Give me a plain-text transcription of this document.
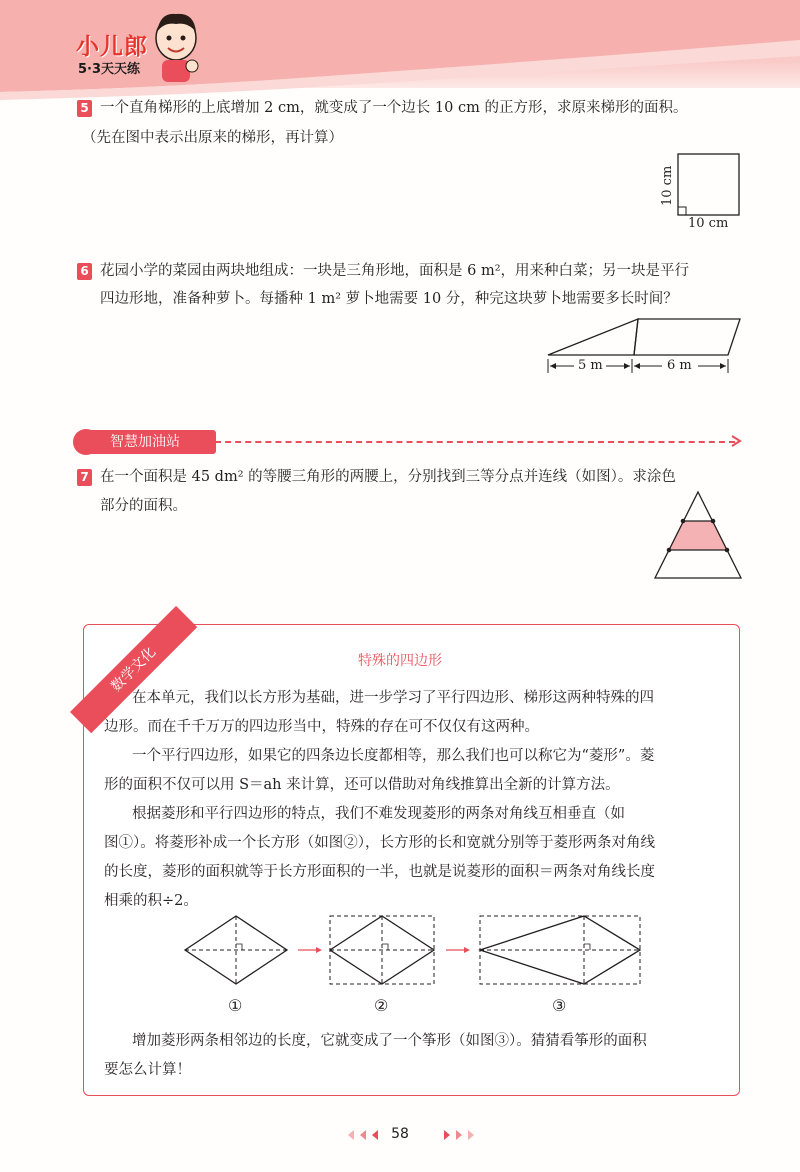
小儿郎
5·3天天练
5 一个直角梯形的上底增加 2 cm，就变成了一个边长 10 cm 的正方形，求原来梯形的面积。
（先在图中表示出原来的梯形，再计算）
10 cm
10 cm
6 花园小学的菜园由两块地组成：一块是三角形地，面积是 6 m²，用来种白菜；另一块是平行
四边形地，准备种萝卜。每播种 1 m² 萝卜地需要 10 分，种完这块萝卜地需要多长时间？
5 m	6 m
智慧加油站
7 在一个面积是 45 dm² 的等腰三角形的两腰上，分别找到三等分点并连线（如图）。求涂色
部分的面积。
数学文化	特殊的四边形
在本单元，我们以长方形为基础，进一步学习了平行四边形、梯形这两种特殊的四
边形。而在千千万万的四边形当中，特殊的存在可不仅仅有这两种。
一个平行四边形，如果它的四条边长度都相等，那么我们也可以称它为“菱形”。菱
形的面积不仅可以用 S＝ah 来计算，还可以借助对角线推算出全新的计算方法。
根据菱形和平行四边形的特点，我们不难发现菱形的两条对角线互相垂直（如
图①）。将菱形补成一个长方形（如图②），长方形的长和宽就分别等于菱形两条对角线
的长度，菱形的面积就等于长方形面积的一半，也就是说菱形的面积＝两条对角线长度
相乘的积÷2。
①	②	③
增加菱形两条相邻边的长度，它就变成了一个筝形（如图③）。猜猜看筝形的面积
要怎么计算！
58
